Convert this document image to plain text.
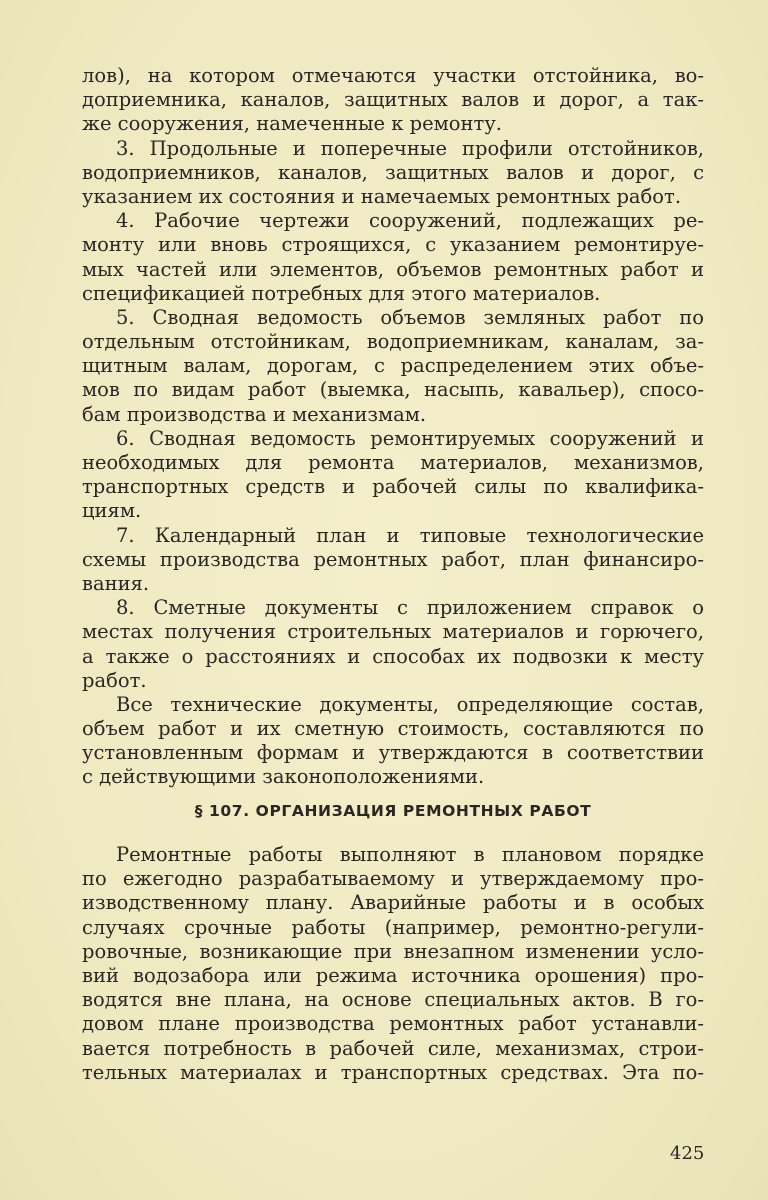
лов), на котором отмечаются участки отстойника, во-
доприемника, каналов, защитных валов и дорог, а так-
же сооружения, намеченные к ремонту.
3. Продольные и поперечные профили отстойников,
водоприемников, каналов, защитных валов и дорог, с
указанием их состояния и намечаемых ремонтных работ.
4. Рабочие чертежи сооружений, подлежащих ре-
монту или вновь строящихся, с указанием ремонтируе-
мых частей или элементов, объемов ремонтных работ и
спецификацией потребных для этого материалов.
5. Сводная ведомость объемов земляных работ по
отдельным отстойникам, водоприемникам, каналам, за-
щитным валам, дорогам, с распределением этих объе-
мов по видам работ (выемка, насыпь, кавальер), спосо-
бам производства и механизмам.
6. Сводная ведомость ремонтируемых сооружений и
необходимых для ремонта материалов, механизмов,
транспортных средств и рабочей силы по квалифика-
циям.
7. Календарный план и типовые технологические
схемы производства ремонтных работ, план финансиро-
вания.
8. Сметные документы с приложением справок о
местах получения строительных материалов и горючего,
а также о расстояниях и способах их подвозки к месту
работ.
Все технические документы, определяющие состав,
объем работ и их сметную стоимость, составляются по
установленным формам и утверждаются в соответствии
с действующими законоположениями.
§ 107. ОРГАНИЗАЦИЯ РЕМОНТНЫХ РАБОТ
Ремонтные работы выполняют в плановом порядке
по ежегодно разрабатываемому и утверждаемому про-
изводственному плану. Аварийные работы и в особых
случаях срочные работы (например, ремонтно-регули-
ровочные, возникающие при внезапном изменении усло-
вий водозабора или режима источника орошения) про-
водятся вне плана, на основе специальных актов. В го-
довом плане производства ремонтных работ устанавли-
вается потребность в рабочей силе, механизмах, строи-
тельных материалах и транспортных средствах. Эта по-
425
